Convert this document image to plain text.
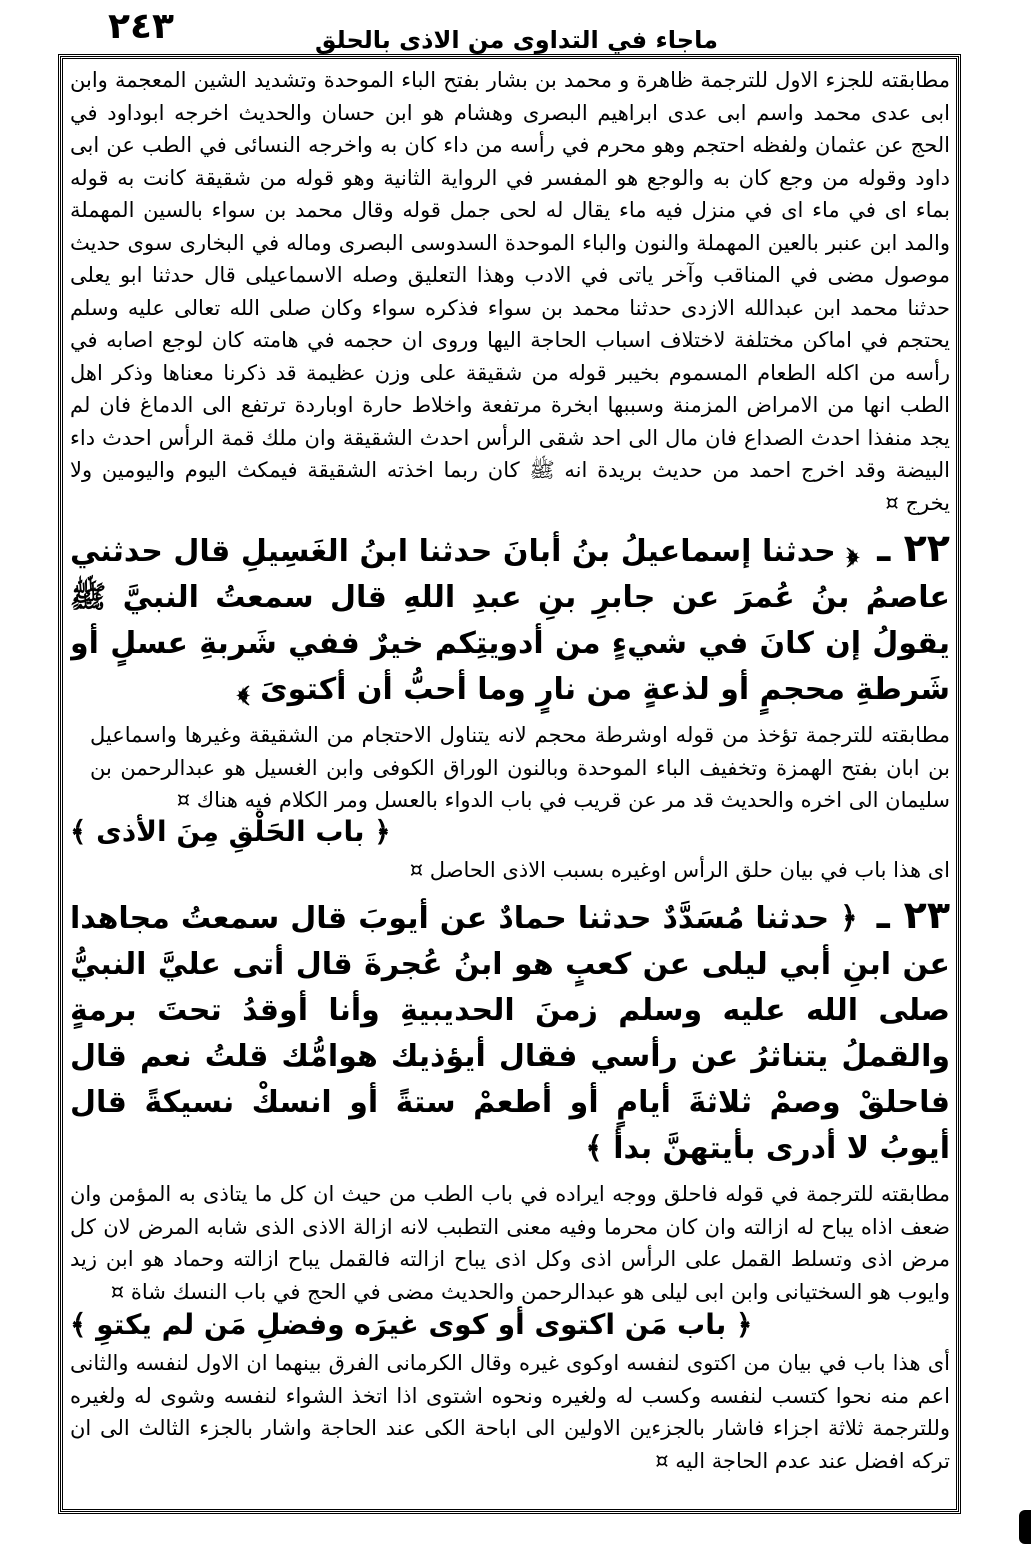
٢٤٣	ماجاء في التداوى من الاذى بالحلق

مطابقته للجزء الاول للترجمة ظاهرة و محمد بن بشار بفتح الباء الموحدة وتشديد الشين المعجمة وابن ابى عدى محمد واسم ابى عدى ابراهيم البصرى وهشام هو ابن حسان والحديث اخرجه ابوداود في الحج عن عثمان ولفظه احتجم وهو محرم في رأسه من داء كان به واخرجه النسائى في الطب عن ابى داود وقوله من وجع كان به والوجع هو المفسر في الرواية الثانية وهو قوله من شقيقة كانت به قوله بماء اى في ماء اى في منزل فيه ماء يقال له لحى جمل قوله وقال محمد بن سواء بالسين المهملة والمد ابن عنبر بالعين المهملة والنون والباء الموحدة السدوسى البصرى وماله في البخارى سوى حديث موصول مضى في المناقب وآخر ياتى في الادب وهذا التعليق وصله الاسماعيلى قال حدثنا ابو يعلى حدثنا محمد ابن عبدالله الازدى حدثنا محمد بن سواء فذكره سواء وكان صلى الله تعالى عليه وسلم يحتجم في اماكن مختلفة لاختلاف اسباب الحاجة اليها وروى ان حجمه في هامته كان لوجع اصابه في رأسه من اكله الطعام المسموم بخيبر قوله من شقيقة على وزن عظيمة قد ذكرنا معناها وذكر اهل الطب انها من الامراض المزمنة وسببها ابخرة مرتفعة واخلاط حارة اوباردة ترتفع الى الدماغ فان لم يجد منفذا احدث الصداع فان مال الى احد شقى الرأس احدث الشقيقة وان ملك قمة الرأس احدث داء البيضة وقد اخرج احمد من حديث بريدة انه ﷺ كان ربما اخذته الشقيقة فيمكث اليوم واليومين ولا يخرج ¤

٢٢ ـ ﴿ حدثنا إسماعيلُ بنُ أبانَ حدثنا ابنُ الغَسِيلِ قال حدثني عاصمُ بنُ عُمرَ عن جابرِ بنِ عبدِ اللهِ قال سمعتُ النبيَّ ﷺ يقولُ إن كانَ في شيءٍ من أدويتِكم خيرٌ ففي شَربةِ عسلٍ أو شَرطةِ محجمٍ أو لذعةٍ من نارٍ وما أحبُّ أن أكتوىَ ﴾

مطابقته للترجمة تؤخذ من قوله اوشرطة محجم لانه يتناول الاحتجام من الشقيقة وغيرها واسماعيل بن ابان بفتح الهمزة وتخفيف الباء الموحدة وبالنون الوراق الكوفى وابن الغسيل هو عبدالرحمن بن سليمان الى اخره والحديث قد مر عن قريب في باب الدواء بالعسل ومر الكلام فيه هناك ¤

﴿ باب الحَلْقِ مِنَ الأذى ﴾

اى هذا باب في بيان حلق الرأس اوغيره بسبب الاذى الحاصل ¤

٢٣ ـ ﴿ حدثنا مُسَدَّدٌ حدثنا حمادٌ عن أيوبَ قال سمعتُ مجاهدا عن ابنِ أبي ليلى عن كعبٍ هو ابنُ عُجرةَ قال أتى عليَّ النبيُّ صلى الله عليه وسلم زمنَ الحديبيةِ وأنا أوقدُ تحتَ برمةٍ والقملُ يتناثرُ عن رأسي فقال أيؤذيك هوامُّك قلتُ نعم قال فاحلقْ وصمْ ثلاثةَ أيامٍ أو أطعمْ ستةً أو انسكْ نسيكةً قال أيوبُ لا أدرى بأيتهنَّ بدأ ﴾

مطابقته للترجمة في قوله فاحلق ووجه ايراده في باب الطب من حيث ان كل ما يتاذى به المؤمن وان ضعف اذاه يباح له ازالته وان كان محرما وفيه معنى التطبب لانه ازالة الاذى الذى شابه المرض لان كل مرض اذى وتسلط القمل على الرأس اذى وكل اذى يباح ازالته فالقمل يباح ازالته وحماد هو ابن زيد وايوب هو السختيانى وابن ابى ليلى هو عبدالرحمن والحديث مضى في الحج في باب النسك شاة ¤

﴿ باب مَن اكتوى أو كوى غيرَه وفضلِ مَن لم يكتوِ ﴾

أى هذا باب في بيان من اكتوى لنفسه اوكوى غيره وقال الكرمانى الفرق بينهما ان الاول لنفسه والثانى اعم منه نحوا كتسب لنفسه وكسب له ولغيره ونحوه اشتوى اذا اتخذ الشواء لنفسه وشوى له ولغيره وللترجمة ثلاثة اجزاء فاشار بالجزءين الاولين الى اباحة الكى عند الحاجة واشار بالجزء الثالث الى ان تركه افضل عند عدم الحاجة اليه ¤
